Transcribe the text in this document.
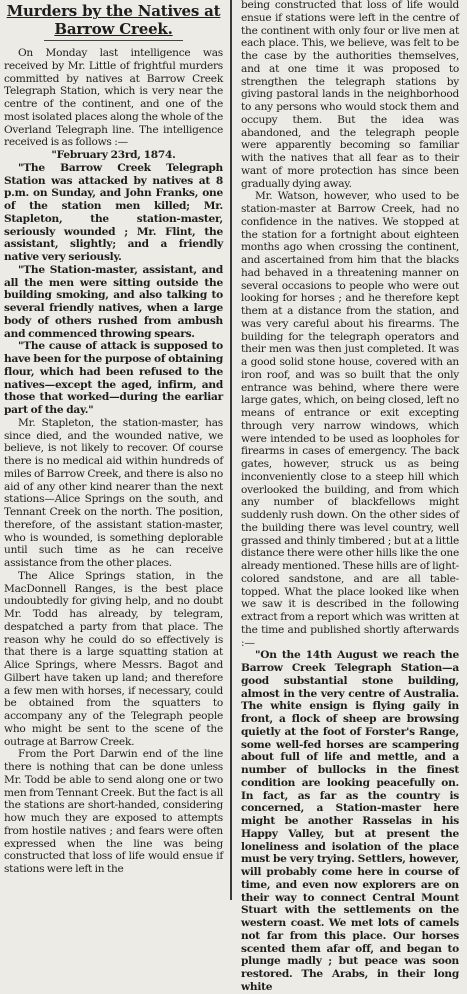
Murders by the Natives at Barrow Creek.

On Monday last intelligence was received by Mr. Little of frightful murders committed by natives at Barrow Creek Telegraph Station, which is very near the centre of the continent, and one of the most isolated places along the whole of the Overland Telegraph line. The intelligence received is as follows :—

"February 23rd, 1874.

"The Barrow Creek Telegraph Station was attacked by natives at 8 p.m. on Sunday, and John Franks, one of the station men killed; Mr. Stapleton, the station-master, seriously wounded ; Mr. Flint, the assistant, slightly; and a friendly native very seriously.

"The Station-master, assistant, and all the men were sitting outside the building smoking, and also talking to several friendly natives, when a large body of others rushed from ambush and commenced throwing spears.

"The cause of attack is supposed to have been for the purpose of obtaining flour, which had been refused to the natives—except the aged, infirm, and those that worked—during the earliar part of the day."

Mr. Stapleton, the station-master, has since died, and the wounded native, we believe, is not likely to recover. Of course there is no medical aid within hundreds of miles of Barrow Creek, and there is also no aid of any other kind nearer than the next stations—Alice Springs on the south, and Tennant Creek on the north. The position, therefore, of the assistant station-master, who is wounded, is something deplorable until such time as he can receive assistance from the other places.

The Alice Springs station, in the MacDonnell Ranges, is the best place undoubtedly for giving help, and no doubt Mr. Todd has already, by telegram, despatched a party from that place. The reason why he could do so effectively is that there is a large squatting station at Alice Springs, where Messrs. Bagot and Gilbert have taken up land; and therefore a few men with horses, if necessary, could be obtained from the squatters to accompany any of the Telegraph people who might be sent to the scene of the outrage at Barrow Creek.

From the Port Darwin end of the line there is nothing that can be done unless Mr. Todd be able to send along one or two men from Tennant Creek. But the fact is all the stations are short-handed, considering how much they are exposed to attempts from hostile natives ; and fears were often expressed when the line was being constructed that loss of life would ensue if stations were left in the

being constructed that loss of life would ensue if stations were left in the centre of the continent with only four or live men at each place. This, we believe, was felt to be the case by the authorities themselves, and at one time it was proposed to strengthen the telegraph stations by giving pastoral lands in the neighborhood to any persons who would stock them and occupy them. But the idea was abandoned, and the telegraph people were apparently becoming so familiar with the natives that all fear as to their want of more protection has since been gradually dying away.

Mr. Watson, however, who used to be station-master at Barrow Creek, had no confidence in the natives. We stopped at the station for a fortnight about eighteen months ago when crossing the continent, and ascertained from him that the blacks had behaved in a threatening manner on several occasions to people who were out looking for horses ; and he therefore kept them at a distance from the station, and was very careful about his firearms. The building for the telegraph operators and their men was then just completed. It was a good solid stone house, covered with an iron roof, and was so built that the only entrance was behind, where there were large gates, which, on being closed, left no means of entrance or exit excepting through very narrow windows, which were intended to be used as loopholes for firearms in cases of emergency. The back gates, however, struck us as being inconveniently close to a steep hill which overlooked the building, and from which any number of blackfellows might suddenly rush down. On the other sides of the building there was level country, well grassed and thinly timbered ; but at a little distance there were other hills like the one already mentioned. These hills are of light-colored sandstone, and are all table-topped. What the place looked like when we saw it is described in the following extract from a report which was written at the time and published shortly afterwards :—

"On the 14th August we reach the Barrow Creek Telegraph Station—a good substantial stone building, almost in the very centre of Australia. The white ensign is flying gaily in front, a flock of sheep are browsing quietly at the foot of Forster's Range, some well-fed horses are scampering about full of life and mettle, and a number of bullocks in the finest condition are looking peacefully on. In fact, as far as the country is concerned, a Station-master here might be another Rasselas in his Happy Valley, but at present the loneliness and isolation of the place must be very trying. Settlers, however, will probably come here in course of time, and even now explorers are on their way to connect Central Mount Stuart with the settlements on the western coast. We met lots of camels not far from this place. Our horses scented them afar off, and began to plunge madly ; but peace was soon restored. The Arabs, in their long white
